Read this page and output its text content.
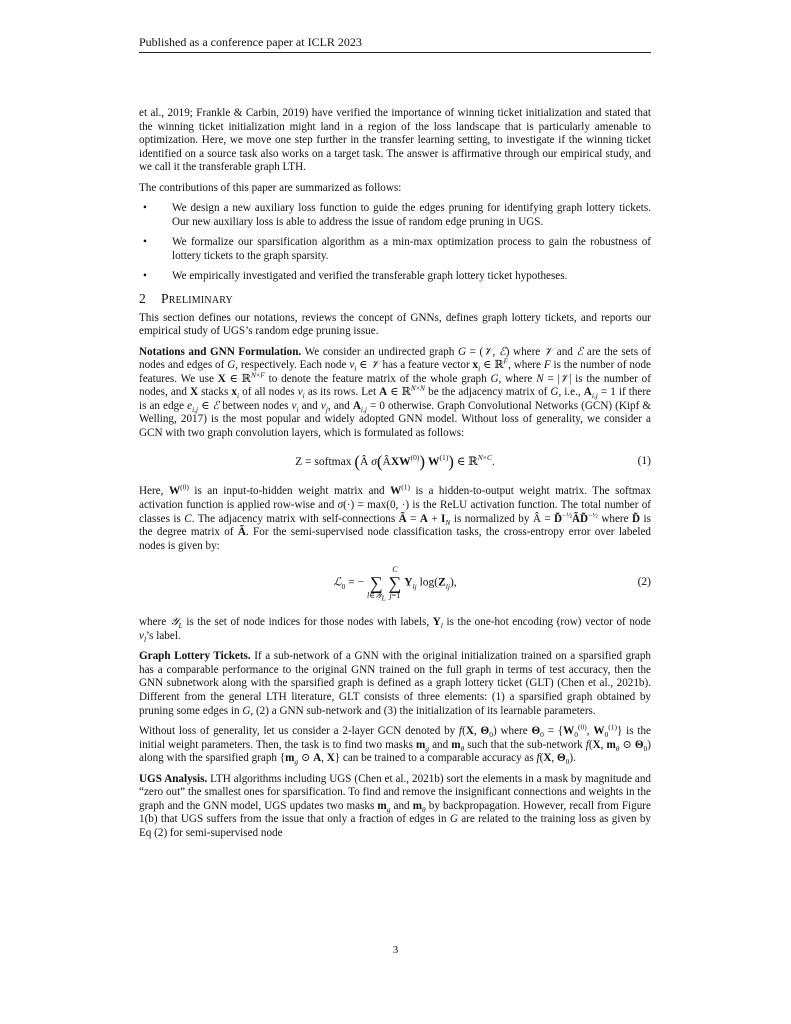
Published as a conference paper at ICLR 2023

et al., 2019; Frankle & Carbin, 2019) have verified the importance of winning ticket initialization and stated that the winning ticket initialization might land in a region of the loss landscape that is particularly amenable to optimization. Here, we move one step further in the transfer learning setting, to investigate if the winning ticket identified on a source task also works on a target task. The answer is affirmative through our empirical study, and we call it the transferable graph LTH.

The contributions of this paper are summarized as follows:

• We design a new auxiliary loss function to guide the edges pruning for identifying graph lottery tickets. Our new auxiliary loss is able to address the issue of random edge pruning in UGS.
• We formalize our sparsification algorithm as a min-max optimization process to gain the robustness of lottery tickets to the graph sparsity.
• We empirically investigated and verified the transferable graph lottery ticket hypotheses.
2 Preliminary

This section defines our notations, reviews the concept of GNNs, defines graph lottery tickets, and reports our empirical study of UGS’s random edge pruning issue.

Notations and GNN Formulation. We consider an undirected graph G = (𝒱, ℰ) where 𝒱 and ℰ are the sets of nodes and edges of G, respectively. Each node $v_i$ ∈ 𝒱 has a feature vector $x_i$ ∈ ℝ$^F$, where F is the number of node features. We use X ∈ ℝ$^{N\times F}$ to denote the feature matrix of the whole graph G, where N = |𝒱| is the number of nodes, and X stacks $x_i$ of all nodes $v_i$ as its rows. Let A ∈ ℝ$^{N\times N}$ be the adjacency matrix of G, i.e., $A_{i,j} = 1$ if there is an edge $e_{i,j}$ ∈ ℰ between nodes $v_i$ and $v_j$, and $A_{i,j} = 0$ otherwise. Graph Convolutional Networks (GCN) (Kipf & Welling, 2017) is the most popular and widely adopted GNN model. Without loss of generality, we consider a GCN with two graph convolution layers, which is formulated as follows:

Z = softmax (Â σ(ÂXW$^{(0)}$) $W^{(1)}$) ∈ ℝ$^{N\times C}$.	(1)

Here, $W^{(0)}$ is an input-to-hidden weight matrix and $W^{(1)}$ is a hidden-to-output weight matrix. The softmax activation function is applied row-wise and σ(·) = max(0, ·) is the ReLU activation function. The total number of classes is C. The adjacency matrix with self-connections Ã = $A + I_N$ is normalized by Â = D̃$^{-\frac{1}{2}}$ÃD̃$^{-\frac{1}{2}}$ where D̃ is the degree matrix of Ã. For the semi-supervised node classification tasks, the cross-entropy error over labeled nodes is given by:

ℒ$_0$ = −
∑
l∈𝒴$_L$

C
∑
j=1
$Y_{lj}$ $\log(Z_{lj})$,	(2)

where 𝒴$_L$ is the set of node indices for those nodes with labels, $Y_l$ is the one-hot encoding (row) vector of node $v_l’s$ label.

Graph Lottery Tickets. If a sub-network of a GNN with the original initialization trained on a sparsified graph has a comparable performance to the original GNN trained on the full graph in terms of test accuracy, then the GNN subnetwork along with the sparsified graph is defined as a graph lottery ticket (GLT) (Chen et al., 2021b). Different from the general LTH literature, GLT consists of three elements: (1) a sparsified graph obtained by pruning some edges in G, (2) a GNN sub-network and (3) the initialization of its learnable parameters.

Without loss of generality, let us consider a 2-layer GCN denoted by f(X, $\Theta_0$) where $\Theta_0 = \{W_0^{(0)}$, $W_0^{(1)}$} is the initial weight parameters. Then, the task is to find two masks $m_g$ and $m_\theta$ such that the sub-network f(X, $m_\theta$ ⊙ $\Theta_0$) along with the sparsified graph {$m_g$ ⊙ A, X} can be trained to a comparable accuracy as f(X, $\Theta_0$).

UGS Analysis. LTH algorithms including UGS (Chen et al., 2021b) sort the elements in a mask by magnitude and “zero out” the smallest ones for sparsification. To find and remove the insignificant connections and weights in the graph and the GNN model, UGS updates two masks $m_g$ and $m_\theta$ by backpropagation. However, recall from Figure 1(b) that UGS suffers from the issue that only a fraction of edges in G are related to the training loss as given by Eq (2) for semi-supervised node

3
